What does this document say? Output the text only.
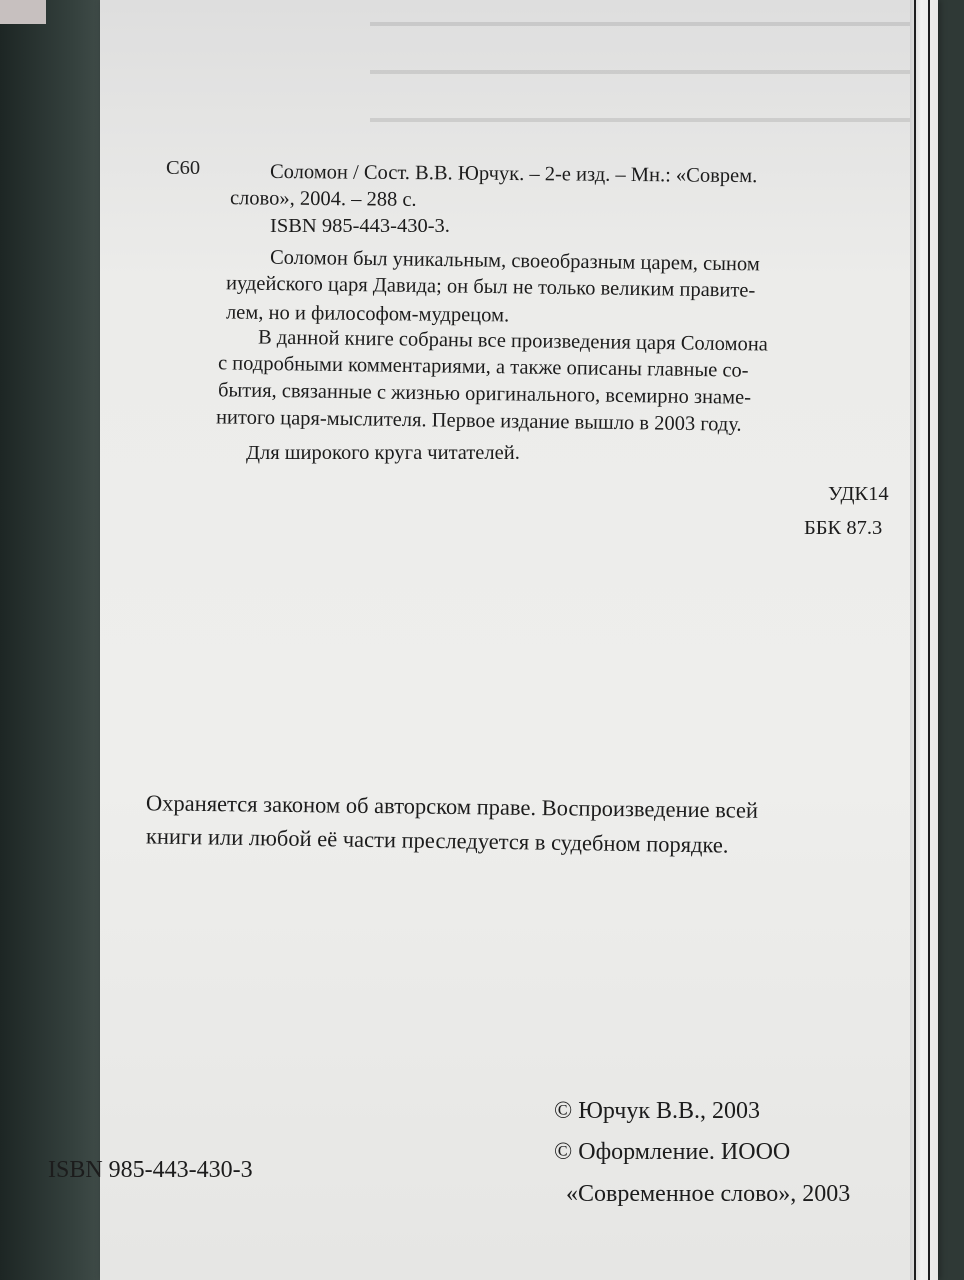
С60	Соломон / Сост. В.В. Юрчук. – 2-е изд. – Мн.: «Соврем.

слово», 2004. – 288 с.

ISBN 985-443-430-3.

Соломон был уникальным, своеобразным царем, сыном

иудейского царя Давида; он был не только великим правите-

лем, но и философом-мудрецом.

В данной книге собраны все произведения царя Соломона

с подробными комментариями, а также описаны главные со-

бытия, связанные с жизнью оригинального, всемирно знаме-

нитого царя-мыслителя. Первое издание вышло в 2003 году.

Для широкого круга читателей.

УДК14

ББК 87.3

Охраняется законом об авторском праве. Воспроизведение всей

книги или любой её части преследуется в судебном порядке.

ISBN 985-443-430-3

© Юрчук В.В., 2003

© Оформление. ИООО

«Современное слово», 2003
